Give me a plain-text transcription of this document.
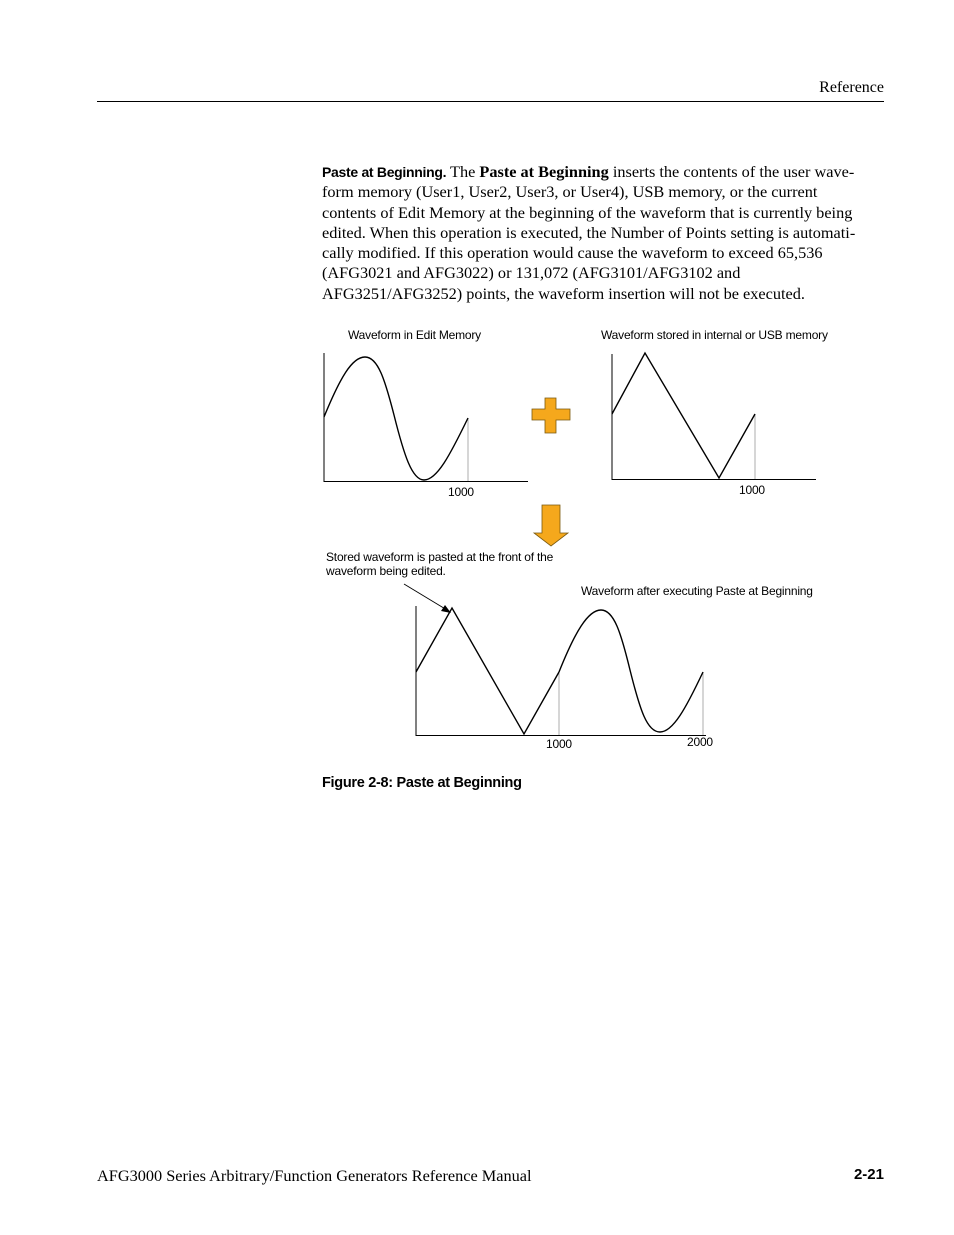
Reference
Paste at Beginning. The Paste at Beginning inserts the contents of the user wave-
form memory (User1, User2, User3, or User4), USB memory, or the current
contents of Edit Memory at the beginning of the waveform that is currently being
edited. When this operation is executed, the Number of Points setting is automati-
cally modified. If this operation would cause the waveform to exceed 65,536
(AFG3021 and AFG3022) or 131,072 (AFG3101/AFG3102 and
AFG3251/AFG3252) points, the waveform insertion will not be executed.
Waveform in Edit Memory
1000
Waveform stored in internal or USB memory
1000
Stored waveform is pasted at the front of the
waveform being edited.
Waveform after executing Paste at Beginning
1000	2000
Figure 2-8: Paste at Beginning
AFG3000 Series Arbitrary/Function Generators Reference Manual	2-21
